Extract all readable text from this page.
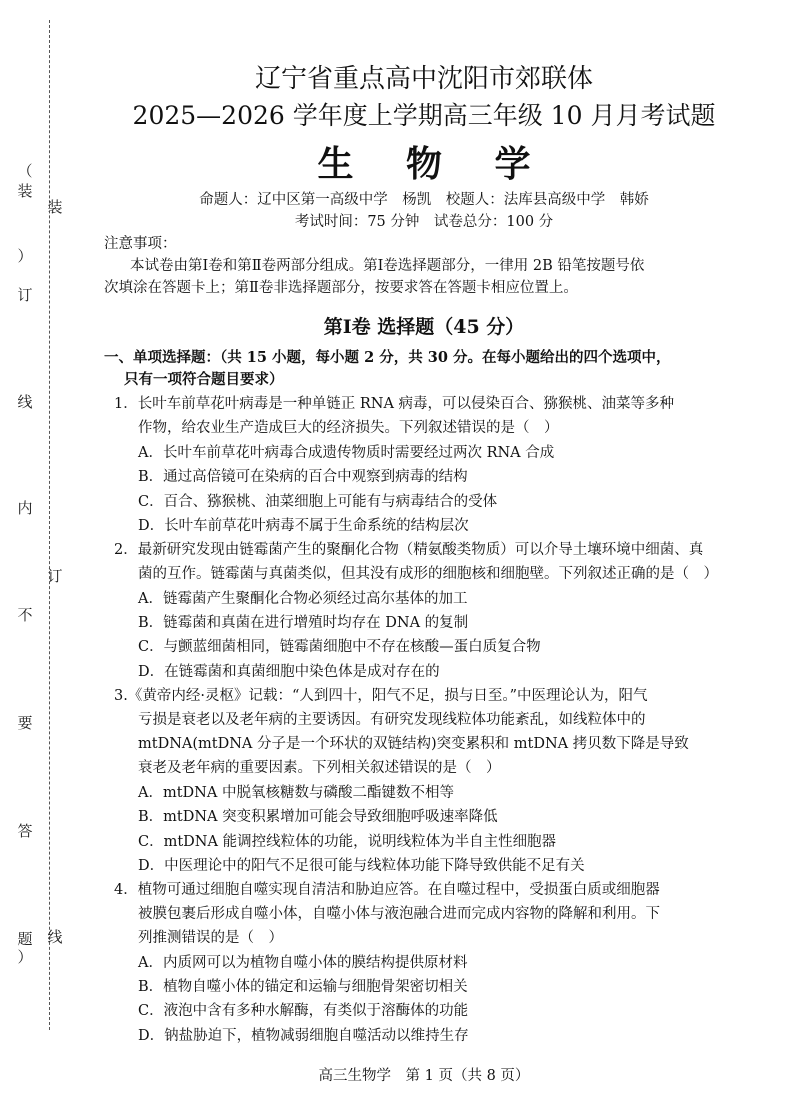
（
装
）
订
线
内
不
要
答
题
）
装
订
线
辽宁省重点高中沈阳市郊联体
2025—2026 学年度上学期高三年级 10 月月考试题
生 物 学
命题人：辽中区第一高级中学　杨凯　校题人：法库县高级中学　韩娇
考试时间：75 分钟　试卷总分：100 分
注意事项：
本试卷由第Ⅰ卷和第Ⅱ卷两部分组成。第Ⅰ卷选择题部分，一律用 2B 铅笔按题号依
次填涂在答题卡上；第Ⅱ卷非选择题部分，按要求答在答题卡相应位置上。
第Ⅰ卷 选择题（45 分）
一、单项选择题：（共 15 小题，每小题 2 分，共 30 分。在每小题给出的四个选项中，
只有一项符合题目要求）
1．长叶车前草花叶病毒是一种单链正 RNA 病毒，可以侵染百合、猕猴桃、油菜等多种
作物，给农业生产造成巨大的经济损失。下列叙述错误的是（　）
A．长叶车前草花叶病毒合成遗传物质时需要经过两次 RNA 合成
B．通过高倍镜可在染病的百合中观察到病毒的结构
C．百合、猕猴桃、油菜细胞上可能有与病毒结合的受体
D．长叶车前草花叶病毒不属于生命系统的结构层次
2．最新研究发现由链霉菌产生的聚酮化合物（精氨酸类物质）可以介导土壤环境中细菌、真
菌的互作。链霉菌与真菌类似，但其没有成形的细胞核和细胞壁。下列叙述正确的是（　）
A．链霉菌产生聚酮化合物必须经过高尔基体的加工
B．链霉菌和真菌在进行增殖时均存在 DNA 的复制
C．与颤蓝细菌相同，链霉菌细胞中不存在核酸—蛋白质复合物
D．在链霉菌和真菌细胞中染色体是成对存在的
3.《黄帝内经·灵枢》记载：“人到四十，阳气不足，损与日至。”中医理论认为，阳气
亏损是衰老以及老年病的主要诱因。有研究发现线粒体功能紊乱，如线粒体中的
mtDNA(mtDNA 分子是一个环状的双链结构)突变累积和 mtDNA 拷贝数下降是导致
衰老及老年病的重要因素。下列相关叙述错误的是（　）
A．mtDNA 中脱氧核糖数与磷酸二酯键数不相等
B．mtDNA 突变积累增加可能会导致细胞呼吸速率降低
C．mtDNA 能调控线粒体的功能，说明线粒体为半自主性细胞器
D．中医理论中的阳气不足很可能与线粒体功能下降导致供能不足有关
4．植物可通过细胞自噬实现自清洁和胁迫应答。在自噬过程中，受损蛋白质或细胞器
被膜包裹后形成自噬小体，自噬小体与液泡融合进而完成内容物的降解和利用。下
列推测错误的是（　）
A．内质网可以为植物自噬小体的膜结构提供原材料
B．植物自噬小体的锚定和运输与细胞骨架密切相关
C．液泡中含有多种水解酶，有类似于溶酶体的功能
D．钠盐胁迫下，植物减弱细胞自噬活动以维持生存
高三生物学　第 1 页（共 8 页）
